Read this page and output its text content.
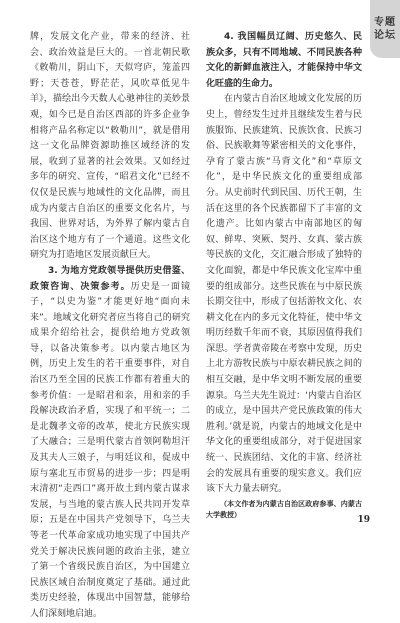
专题
论坛

牌，发展文化产业，带来的经济、社会、政治效益是巨大的。一首北朝民歌《敕勒川，阴山下，天似穹庐，笼盖四野；天苍苍，野茫茫，风吹草低见牛羊》，描绘出今天数人心驰神往的美妙景观，如今已是自治区西部的许多企业争相将产品名称定以“敕勒川”，就是借用这一文化品牌资源助推区域经济的发展，收到了显著的社会效果。又如经过多年的研究、宣传，“昭君文化”已经不仅仅是民族与地域性的文化品牌，而且成为内蒙古自治区的重要文化名片，与我国、世界对话，为外界了解内蒙古自治区这个地方有了一个通道。这些文化研究为打造地区发展贡献巨大。

3. 为地方党政领导提供历史借鉴、政策咨询、决策参考。历史是一面镜子，“以史为鉴”才能更好地“面向未来”。地域文化研究者应当将自己的研究成果介绍给社会，提供给地方党政领导，以备决策参考。以内蒙古地区为例，历史上发生的若干重要事件，对自治区乃至全国的民族工作都有着重大的参考价值：一是昭君和亲，用和亲的手段解决政治矛盾，实现了和平统一；二是北魏孝文帝的改革，使北方民族实现了大融合；三是明代蒙古首领阿勒坦汗及其夫人三娘子，与明廷议和，促成中原与塞北互市贸易的进步一步；四是明末清初“走西口”离开故土到内蒙古谋求发展，与当地的蒙古族人民共同开发草原；五是在中国共产党领导下，乌兰夫等老一代革命家成功地实现了中国共产党关于解决民族问题的政治主张，建立了第一个省级民族自治区，为中国建立民族区域自治制度奠定了基础。通过此类历史经验，体现出中国智慧，能够给人们深刻地启迪。

4. 我国幅员辽阔、历史悠久、民族众多，只有不同地域、不同民族各种文化的新鲜血液注入，才能保持中华文化旺盛的生命力。

在内蒙古自治区地域文化发展的历史上，曾经发生过并且继续发生着与民族服饰、民族建筑、民族饮食、民族习俗、民族歌舞等紧密相关的文化事件，孕育了蒙古族“马背文化”和“草原文化”，是中华民族文化的重要组成部分。从史前时代到民国、历代王朝，生活在这里的各个民族都留下了丰富的文化遗产。比如内蒙古中南部地区的匈奴、鲜卑、突厥、契丹、女真、蒙古族等民族的文化，交汇融合形成了独特的文化面貌，都是中华民族文化宝库中重要的组成部分。这些民族在与中原民族长期交往中，形成了包括游牧文化、农耕文化在内的多元文化特征，使中华文明历经数千年而不衰，其原因值得我们深思。学者黄帝陵在考察中发现，历史上北方游牧民族与中原农耕民族之间的相互交融，是中华文明不断发展的重要源泉。乌兰夫先生说过：‘内蒙古自治区的成立，是中国共产党民族政策的伟大胜利。’就是说，内蒙古的地域文化是中华文化的重要组成部分，对于促进国家统一、民族团结、文化的丰富、经济社会的发展具有重要的现实意义。我们应该下大力量去研究。

（本文作者为内蒙古自治区政府参事、内蒙古大学教授）

19
